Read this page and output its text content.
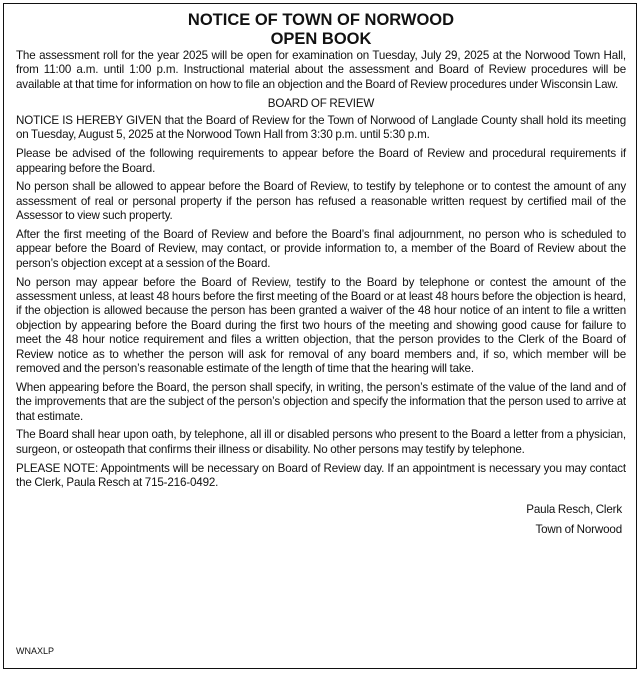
NOTICE OF TOWN OF NORWOOD
OPEN BOOK

The assessment roll for the year 2025 will be open for examination on Tuesday, July 29, 2025 at the Norwood Town Hall, from 11:00 a.m. until 1:00 p.m. Instructional material about the assessment and Board of Review procedures will be available at that time for information on how to file an objection and the Board of Review procedures under Wisconsin Law.

BOARD OF REVIEW

NOTICE IS HEREBY GIVEN that the Board of Review for the Town of Norwood of Langlade County shall hold its meeting on Tuesday, August 5, 2025 at the Norwood Town Hall from 3:30 p.m. until 5:30 p.m.

Please be advised of the following requirements to appear before the Board of Review and procedural requirements if appearing before the Board.

No person shall be allowed to appear before the Board of Review, to testify by telephone or to contest the amount of any assessment of real or personal property if the person has refused a reasonable written request by certified mail of the Assessor to view such property.

After the first meeting of the Board of Review and before the Board’s final adjournment, no person who is scheduled to appear before the Board of Review, may contact, or provide information to, a member of the Board of Review about the person’s objection except at a session of the Board.

No person may appear before the Board of Review, testify to the Board by telephone or contest the amount of the assessment unless, at least 48 hours before the first meeting of the Board or at least 48 hours before the objection is heard, if the objection is allowed because the person has been granted a waiver of the 48 hour notice of an intent to file a written objection by appearing before the Board during the first two hours of the meeting and showing good cause for failure to meet the 48 hour notice requirement and files a written objection, that the person provides to the Clerk of the Board of Review notice as to whether the person will ask for removal of any board members and, if so, which member will be removed and the person’s reasonable estimate of the length of time that the hearing will take.

When appearing before the Board, the person shall specify, in writing, the person’s estimate of the value of the land and of the improvements that are the subject of the person’s objection and specify the information that the person used to arrive at that estimate.

The Board shall hear upon oath, by telephone, all ill or disabled persons who present to the Board a letter from a physician, surgeon, or osteopath that confirms their illness or disability. No other persons may testify by telephone.

PLEASE NOTE: Appointments will be necessary on Board of Review day. If an appointment is necessary you may contact the Clerk, Paula Resch at 715-216-0492.

Paula Resch, Clerk
Town of Norwood
WNAXLP
